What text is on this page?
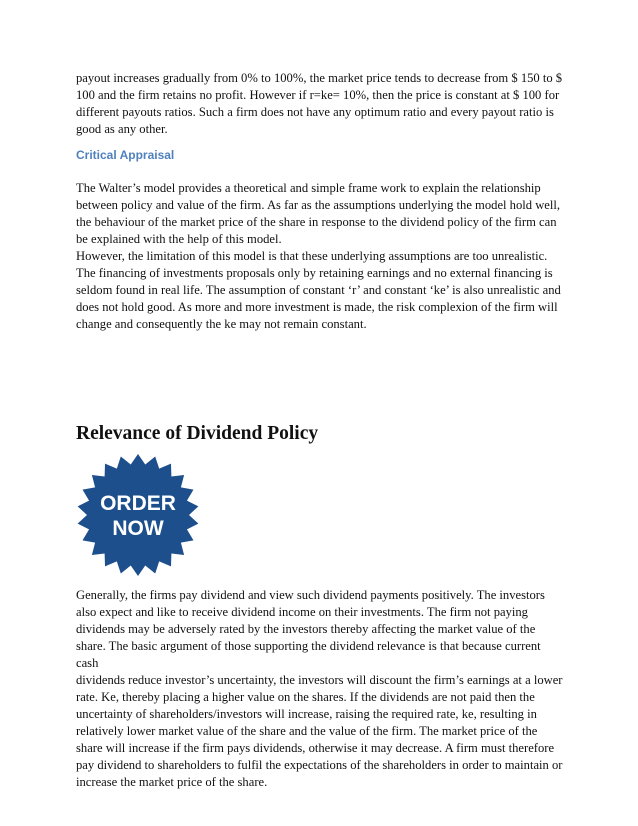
payout increases gradually from 0% to 100%, the market price tends to decrease from $ 150 to $
100 and the firm retains no profit. However if r=ke= 10%, then the price is constant at $ 100 for
different payouts ratios. Such a firm does not have any optimum ratio and every payout ratio is
good as any other.

Critical Appraisal

The Walter’s model provides a theoretical and simple frame work to explain the relationship
between policy and value of the firm. As far as the assumptions underlying the model hold well,
the behaviour of the market price of the share in response to the dividend policy of the firm can
be explained with the help of this model.

However, the limitation of this model is that these underlying assumptions are too unrealistic.
The financing of investments proposals only by retaining earnings and no external financing is
seldom found in real life. The assumption of constant ‘r’ and constant ‘ke’ is also unrealistic and
does not hold good. As more and more investment is made, the risk complexion of the firm will
change and consequently the ke may not remain constant.

Relevance of Dividend Policy
ORDER
NOW

Generally, the firms pay dividend and view such dividend payments positively. The investors
also expect and like to receive dividend income on their investments. The firm not paying
dividends may be adversely rated by the investors thereby affecting the market value of the
share. The basic argument of those supporting the dividend relevance is that because current cash
dividends reduce investor’s uncertainty, the investors will discount the firm’s earnings at a lower
rate. Ke, thereby placing a higher value on the shares. If the dividends are not paid then the
uncertainty of shareholders/investors will increase, raising the required rate, ke, resulting in
relatively lower market value of the share and the value of the firm. The market price of the
share will increase if the firm pays dividends, otherwise it may decrease. A firm must therefore
pay dividend to shareholders to fulfil the expectations of the shareholders in order to maintain or
increase the market price of the share.
